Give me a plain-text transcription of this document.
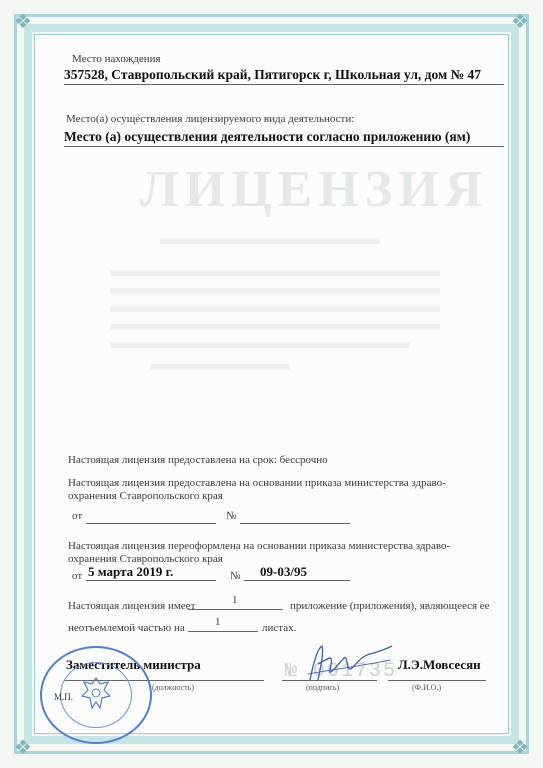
❖	❖
❖	❖
ЛИЦЕНЗИЯ
Место нахождения
357528, Ставропольский край, Пятигорск г, Школьная ул, дом № 47
Место(а) осуществления лицензируемого вида деятельности:
Место (а) осуществления деятельности согласно приложению (ям)
Настоящая лицензия предоставлена на срок: бессрочно
Настоящая лицензия предоставлена на основании приказа министерства здраво-
охранения Ставропольского края
от	№
Настоящая лицензия переоформлена на основании приказа министерства здраво-
охранения Ставропольского края
от 5 марта 2019 г.	№ 09-03/95
Настоящая лицензия имеет	1	приложение (приложения), являющееся ее
неотъемлемой частью на	1	листах.
№ 001735
Заместитель министра	Л.Э.Мовсесян
(должность)	(подпись)	(Ф.И.О.)
М.П.
